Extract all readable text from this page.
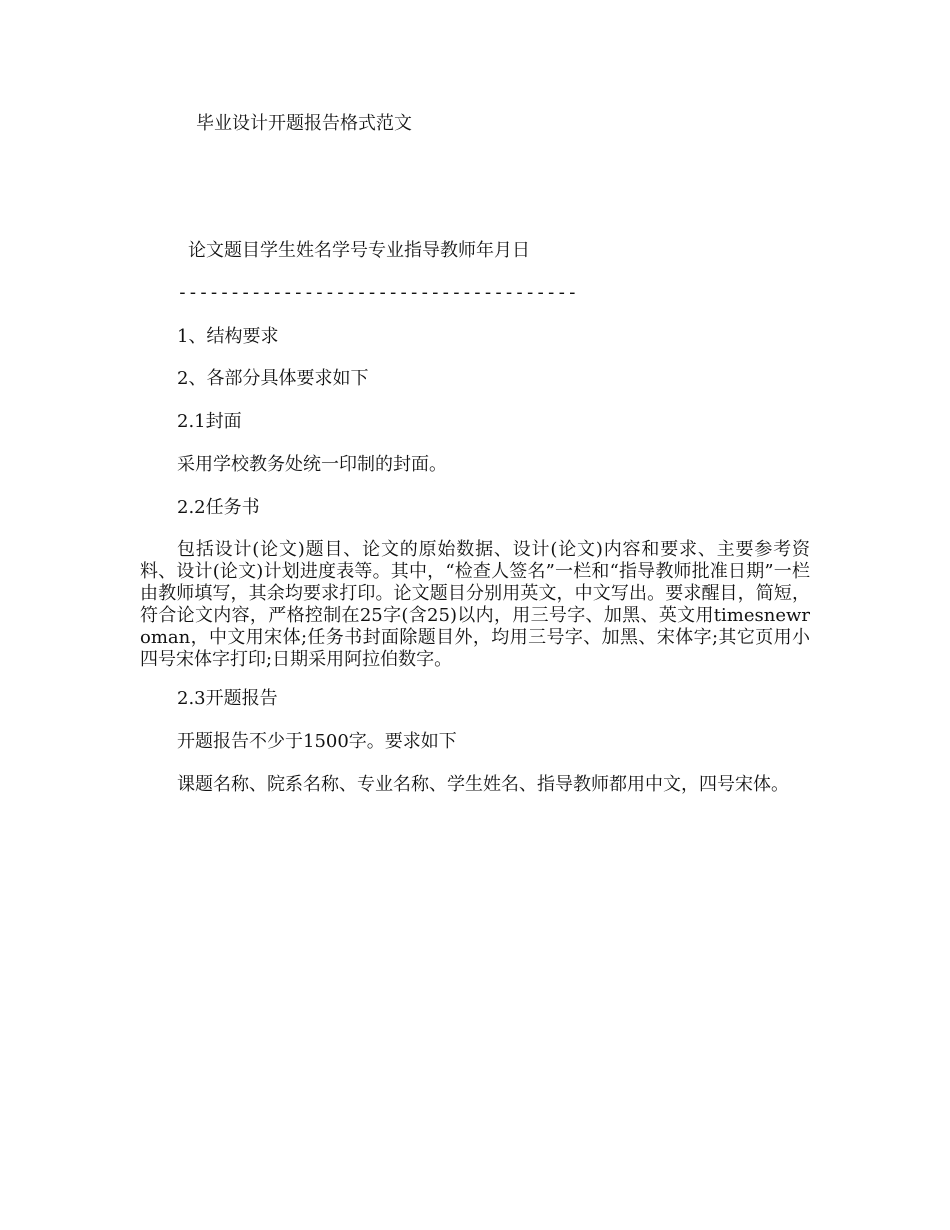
毕业设计开题报告格式范文
论文题目学生姓名学号专业指导教师年月日
--------------------------------------
1、结构要求
2、各部分具体要求如下
2.1封面
采用学校教务处统一印制的封面。
2.2任务书
包括设计(论文)题目、论文的原始数据、设计(论文)内容和要求、主要参考资料、设计(论文)计划进度表等。其中，“检查人签名”一栏和“指导教师批准日期”一栏由教师填写，其余均要求打印。论文题目分别用英文，中文写出。要求醒目，简短，符合论文内容，严格控制在25字(含25)以内，用三号字、加黑、英文用timesnewroman，中文用宋体;任务书封面除题目外，均用三号字、加黑、宋体字;其它页用小四号宋体字打印;日期采用阿拉伯数字。
2.3开题报告
开题报告不少于1500字。要求如下
课题名称、院系名称、专业名称、学生姓名、指导教师都用中文，四号宋体。
